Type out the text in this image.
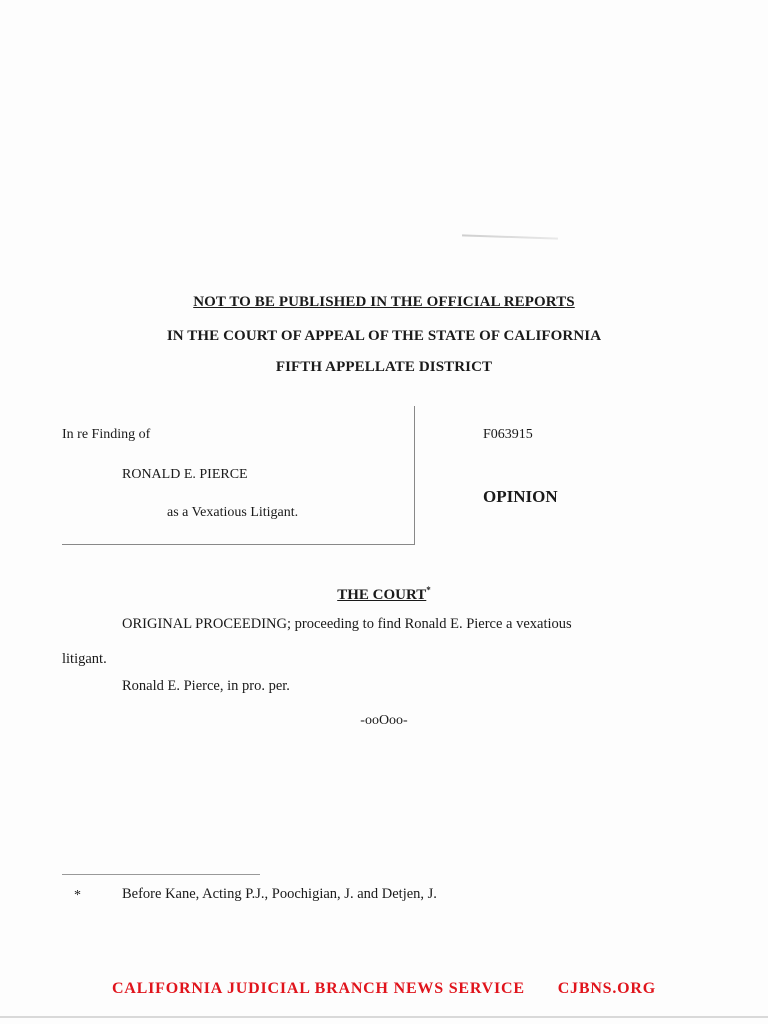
NOT TO BE PUBLISHED IN THE OFFICIAL REPORTS
IN THE COURT OF APPEAL OF THE STATE OF CALIFORNIA
FIFTH APPELLATE DISTRICT
In re Finding of
RONALD E. PIERCE
as a Vexatious Litigant.
F063915
OPINION
THE COURT*
ORIGINAL PROCEEDING; proceeding to find Ronald E. Pierce a vexatious
litigant.
Ronald E. Pierce, in pro. per.
-ooOoo-
*	Before Kane, Acting P.J., Poochigian, J. and Detjen, J.
CALIFORNIA JUDICIAL BRANCH NEWS SERVICE CJBNS.ORG
